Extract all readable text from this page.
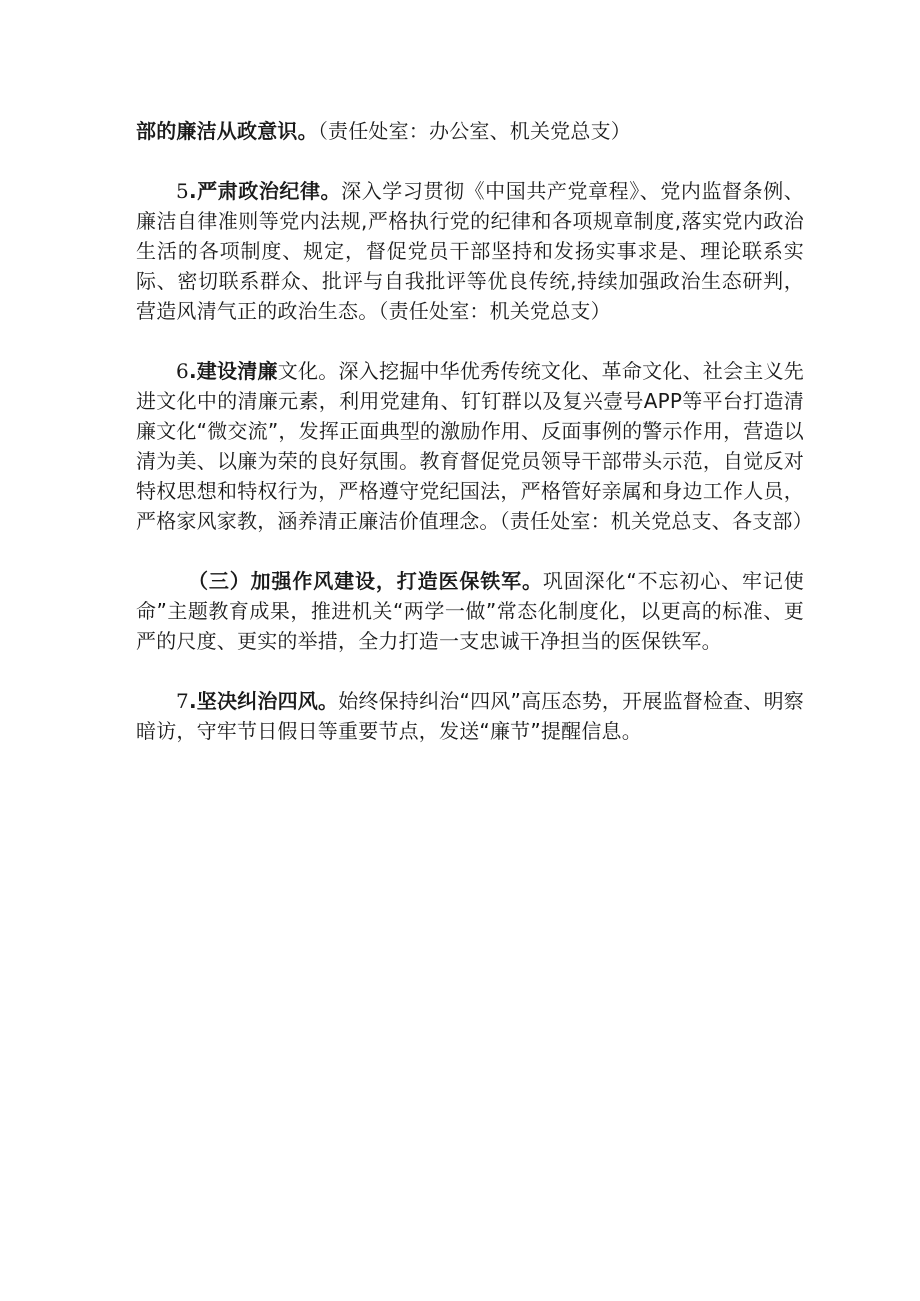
部的廉洁从政意识。（责任处室：办公室、机关党总支）

5.严肃政治纪律。深入学习贯彻《中国共产党章程》、党内监督条例、廉洁自律准则等党内法规,严格执行党的纪律和各项规章制度,落实党内政治生活的各项制度、规定，督促党员干部坚持和发扬实事求是、理论联系实际、密切联系群众、批评与自我批评等优良传统,持续加强政治生态研判，营造风清气正的政治生态。（责任处室：机关党总支）

6.建设清廉文化。深入挖掘中华优秀传统文化、革命文化、社会主义先进文化中的清廉元素，利用党建角、钉钉群以及复兴壹号APP等平台打造清廉文化“微交流”，发挥正面典型的激励作用、反面事例的警示作用，营造以清为美、以廉为荣的良好氛围。教育督促党员领导干部带头示范，自觉反对特权思想和特权行为，严格遵守党纪国法，严格管好亲属和身边工作人员，严格家风家教，涵养清正廉洁价值理念。（责任处室：机关党总支、各支部）

（三）加强作风建设，打造医保铁军。巩固深化“不忘初心、牢记使命”主题教育成果，推进机关“两学一做”常态化制度化，以更高的标准、更严的尺度、更实的举措，全力打造一支忠诚干净担当的医保铁军。

7.坚决纠治四风。始终保持纠治“四风”高压态势，开展监督检查、明察暗访，守牢节日假日等重要节点，发送“廉节”提醒信息。
